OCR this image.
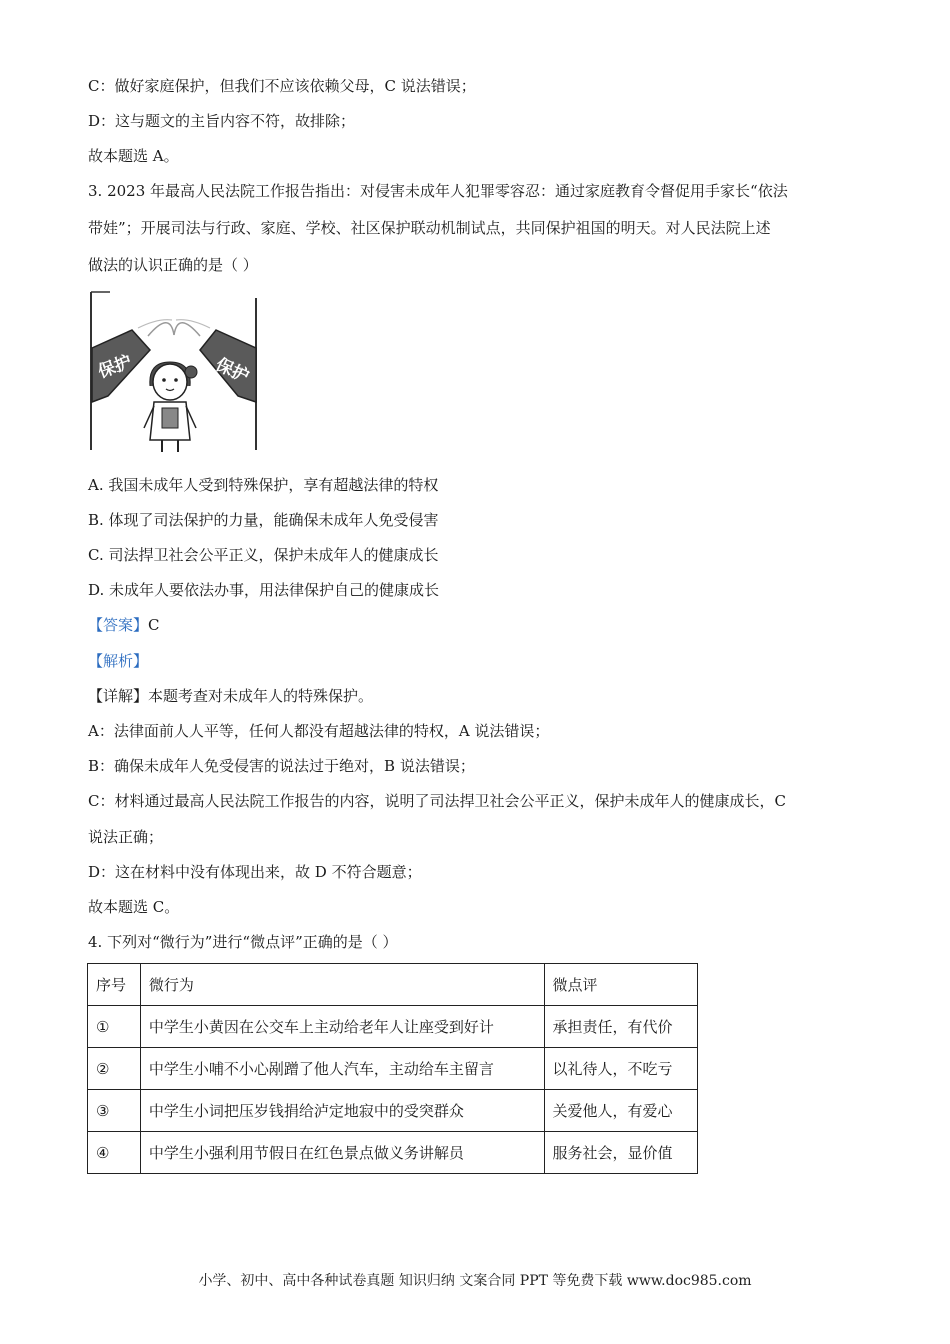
C：做好家庭保护，但我们不应该依赖父母，C 说法错误；
D：这与题文的主旨内容不符，故排除；
故本题选 A。
3. 2023 年最高人民法院工作报告指出：对侵害未成年人犯罪零容忍：通过家庭教育令督促用手家长“依法
带娃”；开展司法与行政、家庭、学校、社区保护联动机制试点，共同保护祖国的明天。对人民法院上述
做法的认识正确的是（ ）
保护	保护
A. 我国未成年人受到特殊保护，享有超越法律的特权
B. 体现了司法保护的力量，能确保未成年人免受侵害
C. 司法捍卫社会公平正义，保护未成年人的健康成长
D. 未成年人要依法办事，用法律保护自己的健康成长
【答案】C
【解析】
【详解】本题考查对未成年人的特殊保护。
A：法律面前人人平等，任何人都没有超越法律的特权，A 说法错误；
B：确保未成年人免受侵害的说法过于绝对，B 说法错误；
C：材料通过最高人民法院工作报告的内容，说明了司法捍卫社会公平正义，保护未成年人的健康成长，C
说法正确；
D：这在材料中没有体现出来，故 D 不符合题意；
故本题选 C。
4. 下列对“微行为”进行“微点评”正确的是（ ）
序号	微行为	微点评
①	中学生小黄因在公交车上主动给老年人让座受到好计	承担责任，有代价
②	中学生小哺不小心剐蹭了他人汽车，主动给车主留言	以礼待人，不吃亏
③	中学生小词把压岁钱捐给泸定地寂中的受突群众	关爱他人，有爱心
④	中学生小强利用节假日在红色景点做义务讲解员	服务社会，显价值
小学、初中、高中各种试卷真题 知识归纳 文案合同 PPT 等免费下载 www.doc985.com
